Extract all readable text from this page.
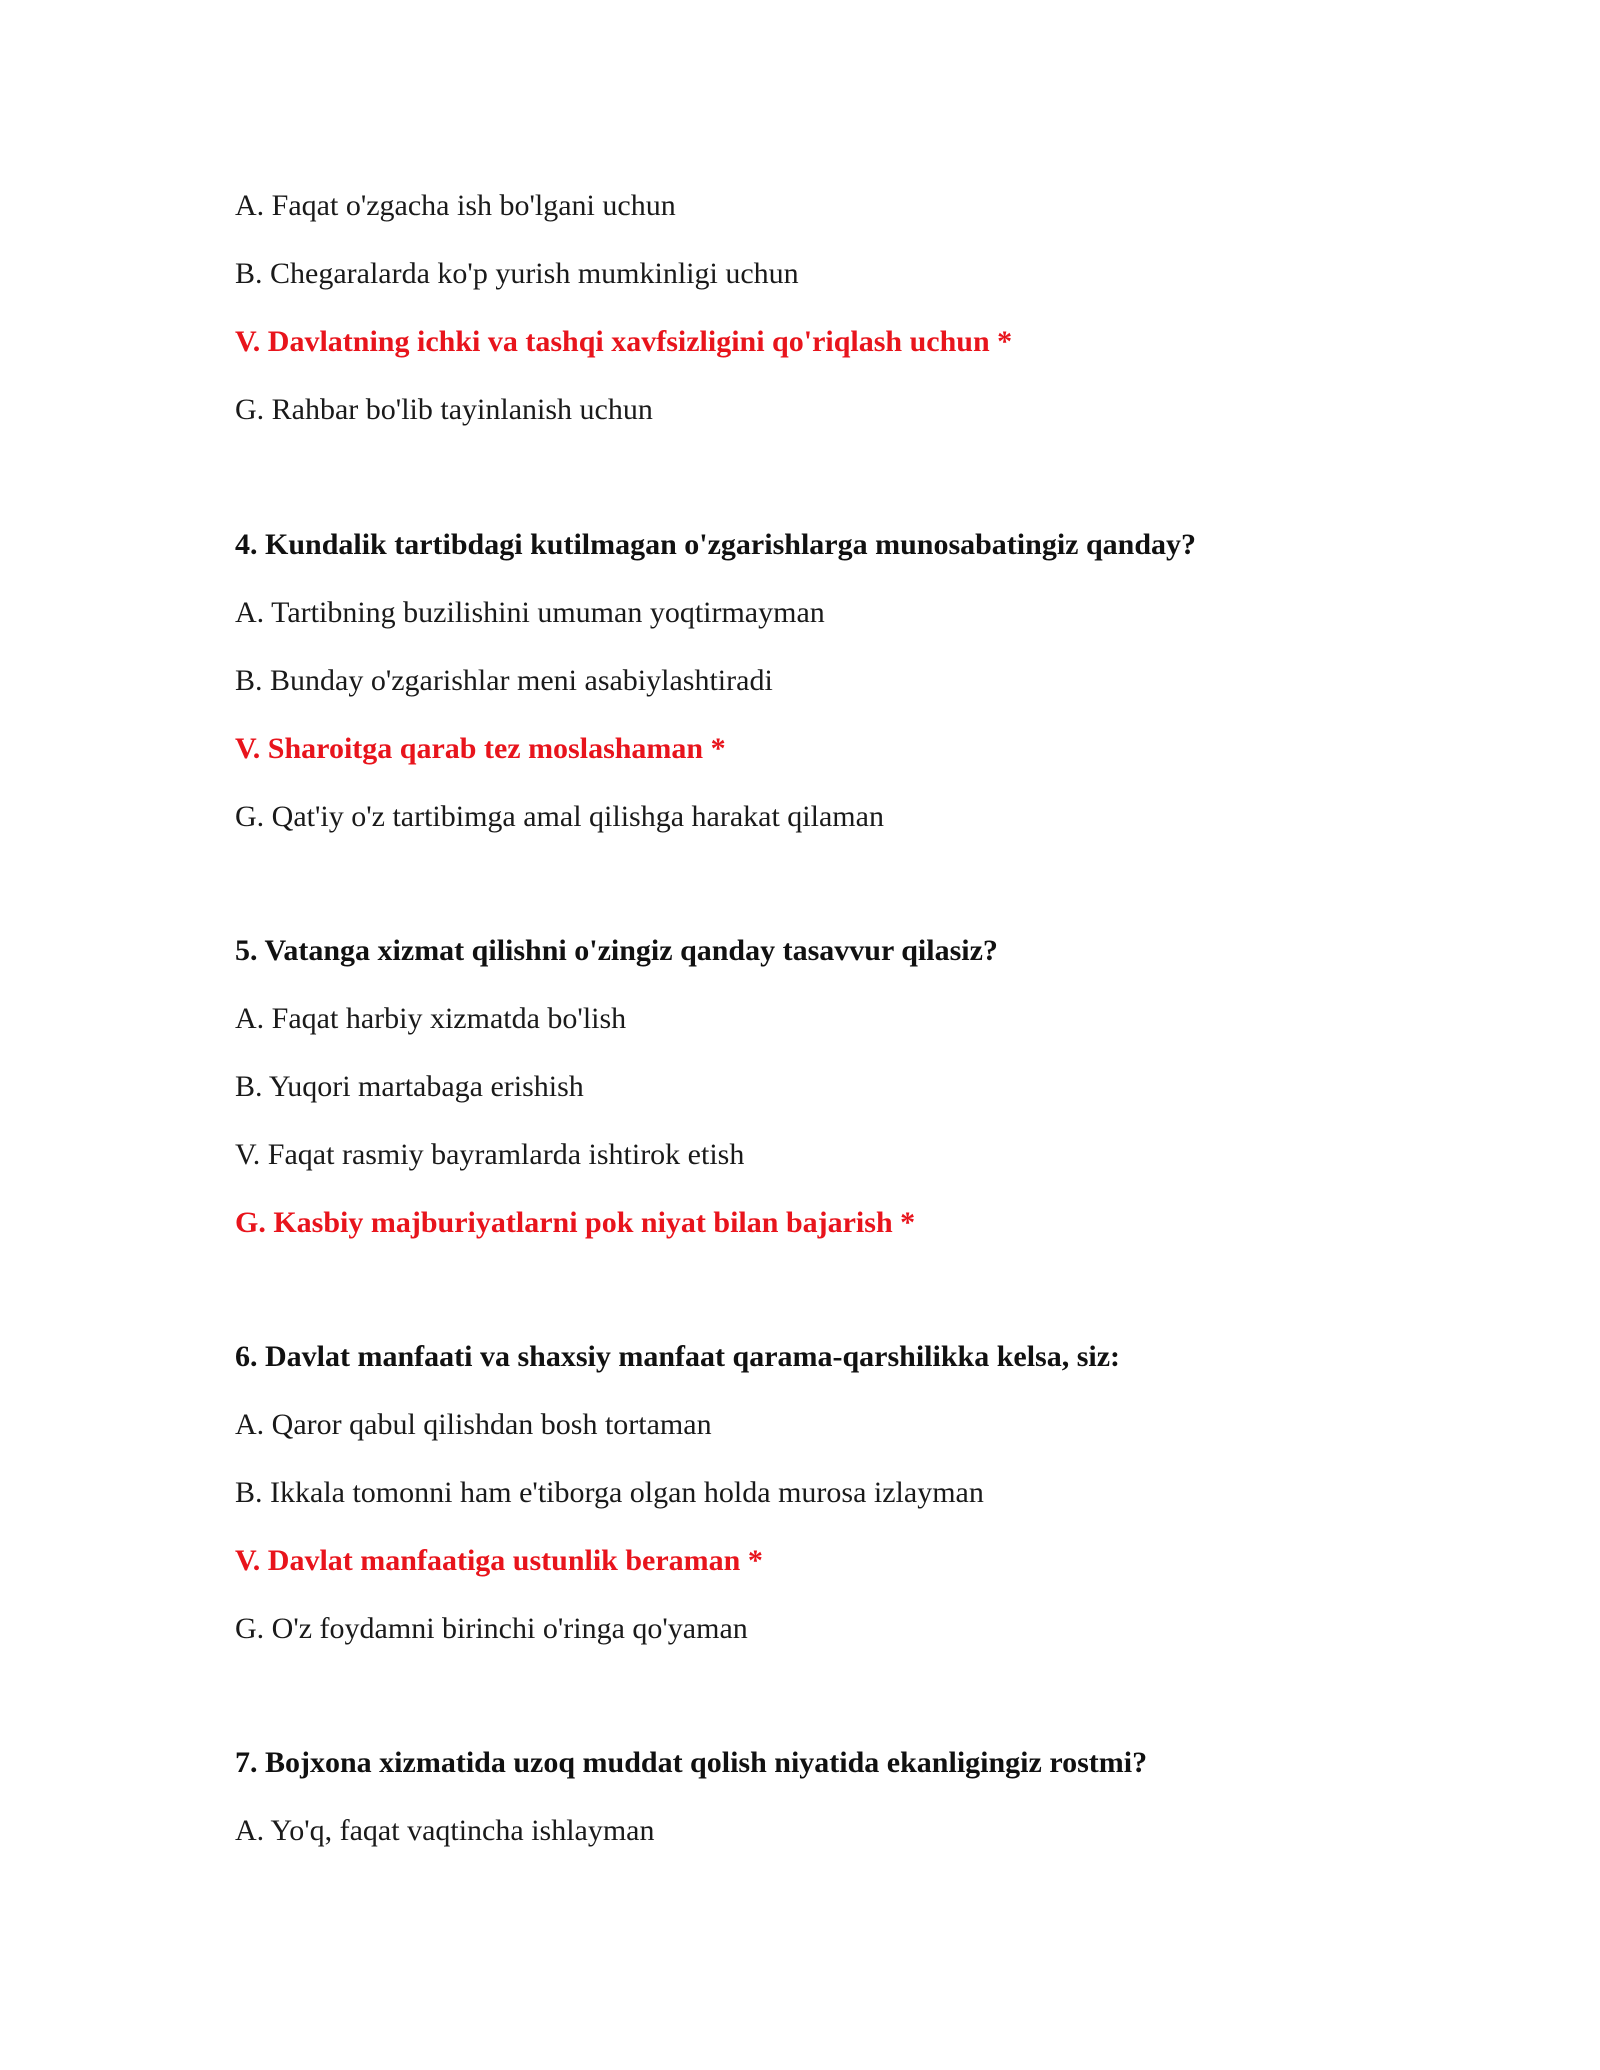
A. Faqat o'zgacha ish bo'lgani uchun
B. Chegaralarda ko'p yurish mumkinligi uchun
V. Davlatning ichki va tashqi xavfsizligini qo'riqlash uchun *
G. Rahbar bo'lib tayinlanish uchun
4. Kundalik tartibdagi kutilmagan o'zgarishlarga munosabatingiz qanday?
A. Tartibning buzilishini umuman yoqtirmayman
B. Bunday o'zgarishlar meni asabiylashtiradi
V. Sharoitga qarab tez moslashaman *
G. Qat'iy o'z tartibimga amal qilishga harakat qilaman
5. Vatanga xizmat qilishni o'zingiz qanday tasavvur qilasiz?
A. Faqat harbiy xizmatda bo'lish
B. Yuqori martabaga erishish
V. Faqat rasmiy bayramlarda ishtirok etish
G. Kasbiy majburiyatlarni pok niyat bilan bajarish *
6. Davlat manfaati va shaxsiy manfaat qarama-qarshilikka kelsa, siz:
A. Qaror qabul qilishdan bosh tortaman
B. Ikkala tomonni ham e'tiborga olgan holda murosa izlayman
V. Davlat manfaatiga ustunlik beraman *
G. O'z foydamni birinchi o'ringa qo'yaman
7. Bojxona xizmatida uzoq muddat qolish niyatida ekanligingiz rostmi?
A. Yo'q, faqat vaqtincha ishlayman
